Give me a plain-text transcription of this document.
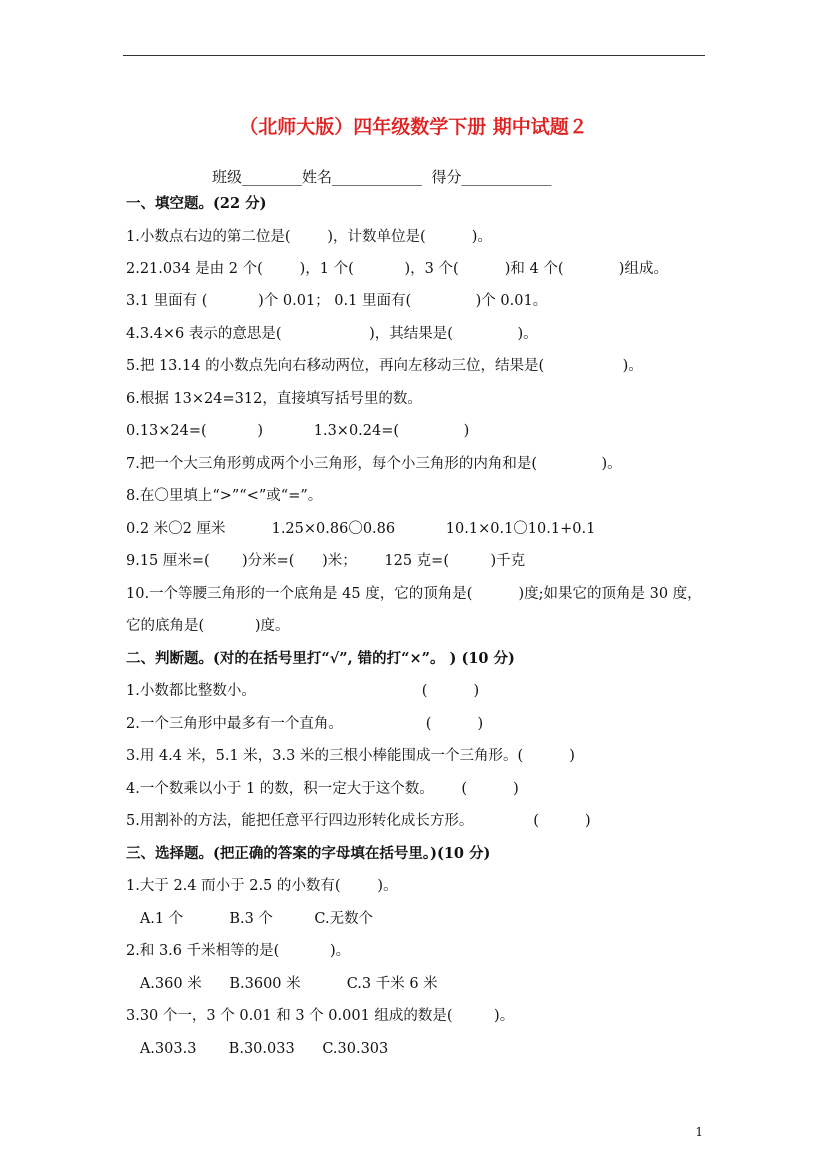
（北师大版）四年级数学下册 期中试题２
班级________姓名____________  得分____________
一、填空题。(22 分)
1.小数点右边的第二位是(        )，计数单位是(          )。
2.21.034 是由 2 个(        )，1 个(           )，3 个(          )和 4 个(            )组成。
3.1 里面有 (           )个 0.01； 0.1 里面有(              )个 0.01。
4.3.4×6 表示的意思是(                   )，其结果是(              )。
5.把 13.14 的小数点先向右移动两位，再向左移动三位，结果是(                 )。
6.根据 13×24=312，直接填写括号里的数。
0.13×24=(           )           1.3×0.24=(              )
7.把一个大三角形剪成两个小三角形，每个小三角形的内角和是(              )。
8.在〇里填上“>”“<”或“=”。
0.2 米〇2 厘米          1.25×0.86〇0.86           10.1×0.1〇10.1+0.1
9.15 厘米=(       )分米=(      )米；      125 克=(         )千克
10.一个等腰三角形的一个底角是 45 度，它的顶角是(          )度;如果它的顶角是 30 度，
它的底角是(           )度。
二、判断题。(对的在括号里打“√”, 错的打“×”。 ) (10 分)
1.小数都比整数小。                                    (          )
2.一个三角形中最多有一个直角。                  (          )
3.用 4.4 米，5.1 米，3.3 米的三根小棒能围成一个三角形。(          )
4.一个数乘以小于 1 的数，积一定大于这个数。      (          )
5.用割补的方法，能把任意平行四边形转化成长方形。             (          )
三、选择题。(把正确的答案的字母填在括号里。)(10 分)
1.大于 2.4 而小于 2.5 的小数有(        )。
A.1 个          B.3 个         C.无数个
2.和 3.6 千米相等的是(           )。
A.360 米      B.3600 米          C.3 千米 6 米
3.30 个一，3 个 0.01 和 3 个 0.001 组成的数是(         )。
A.303.3       B.30.033      C.30.303
1
